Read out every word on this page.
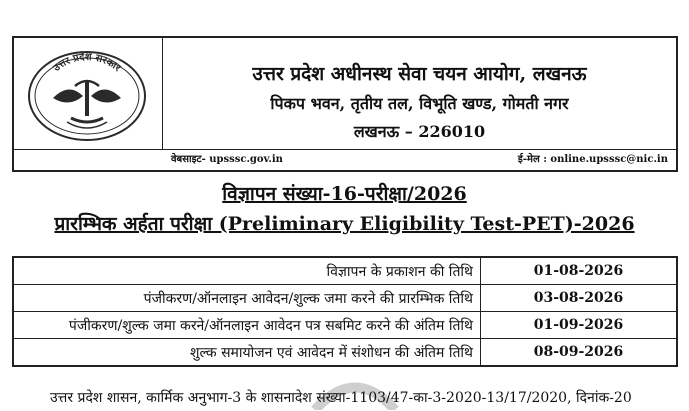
उत्तर प्रदेश सरकार	उत्तर प्रदेश अधीनस्थ सेवा चयन आयोग, लखनऊ
पिकप भवन, तृतीय तल, विभूति खण्ड, गोमती नगर
लखनऊ – 226010
वेबसाइट- upsssc.gov.in	ई-मेल : online.upsssc@nic.in
विज्ञापन संख्या-16-परीक्षा/2026
प्रारम्भिक अर्हता परीक्षा (Preliminary Eligibility Test-PET)-2026
विज्ञापन के प्रकाशन की तिथि	01-08-2026
पंजीकरण/ऑनलाइन आवेदन/शुल्क जमा करने की प्रारम्भिक तिथि	03-08-2026
पंजीकरण/शुल्क जमा करने/ऑनलाइन आवेदन पत्र सबमिट करने की अंतिम तिथि	01-09-2026
शुल्क समायोजन एवं आवेदन में संशोधन की अंतिम तिथि	08-09-2026
उत्तर प्रदेश शासन, कार्मिक अनुभाग-3 के शासनादेश संख्या-1103/47-का-3-2020-13/17/2020, दिनांक-20
